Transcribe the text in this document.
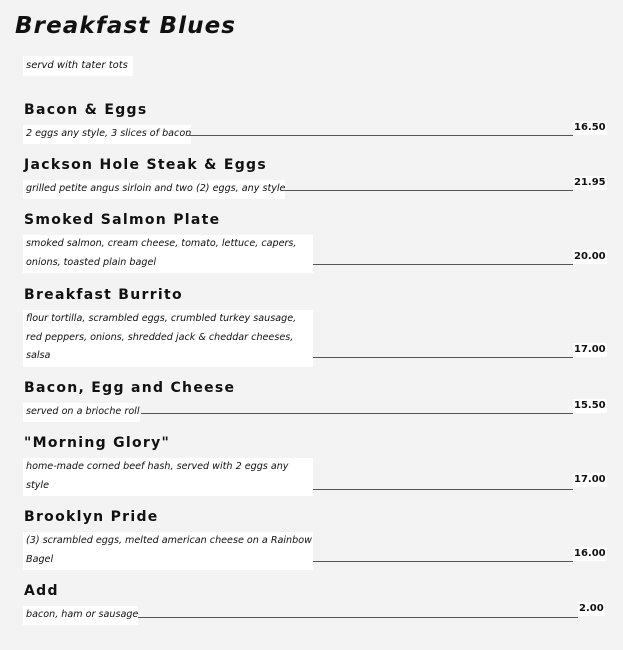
Breakfast Blues
servd with tater tots
Bacon & Eggs
2 eggs any style, 3 slices of bacon
16.50
Jackson Hole Steak & Eggs
grilled petite angus sirloin and two (2) eggs, any style
21.95
Smoked Salmon Plate
smoked salmon, cream cheese, tomato, lettuce, capers, onions, toasted plain bagel	20.00
Breakfast Burrito
flour tortilla, scrambled eggs, crumbled turkey sausage, red peppers, onions, shredded jack & cheddar cheeses, salsa
17.00
Bacon, Egg and Cheese
served on a brioche roll
15.50
"Morning Glory"
home-made corned beef hash, served with 2 eggs any style	17.00
Brooklyn Pride
(3) scrambled eggs, melted american cheese on a Rainbow Bagel	16.00
Add
bacon, ham or sausage
2.00
